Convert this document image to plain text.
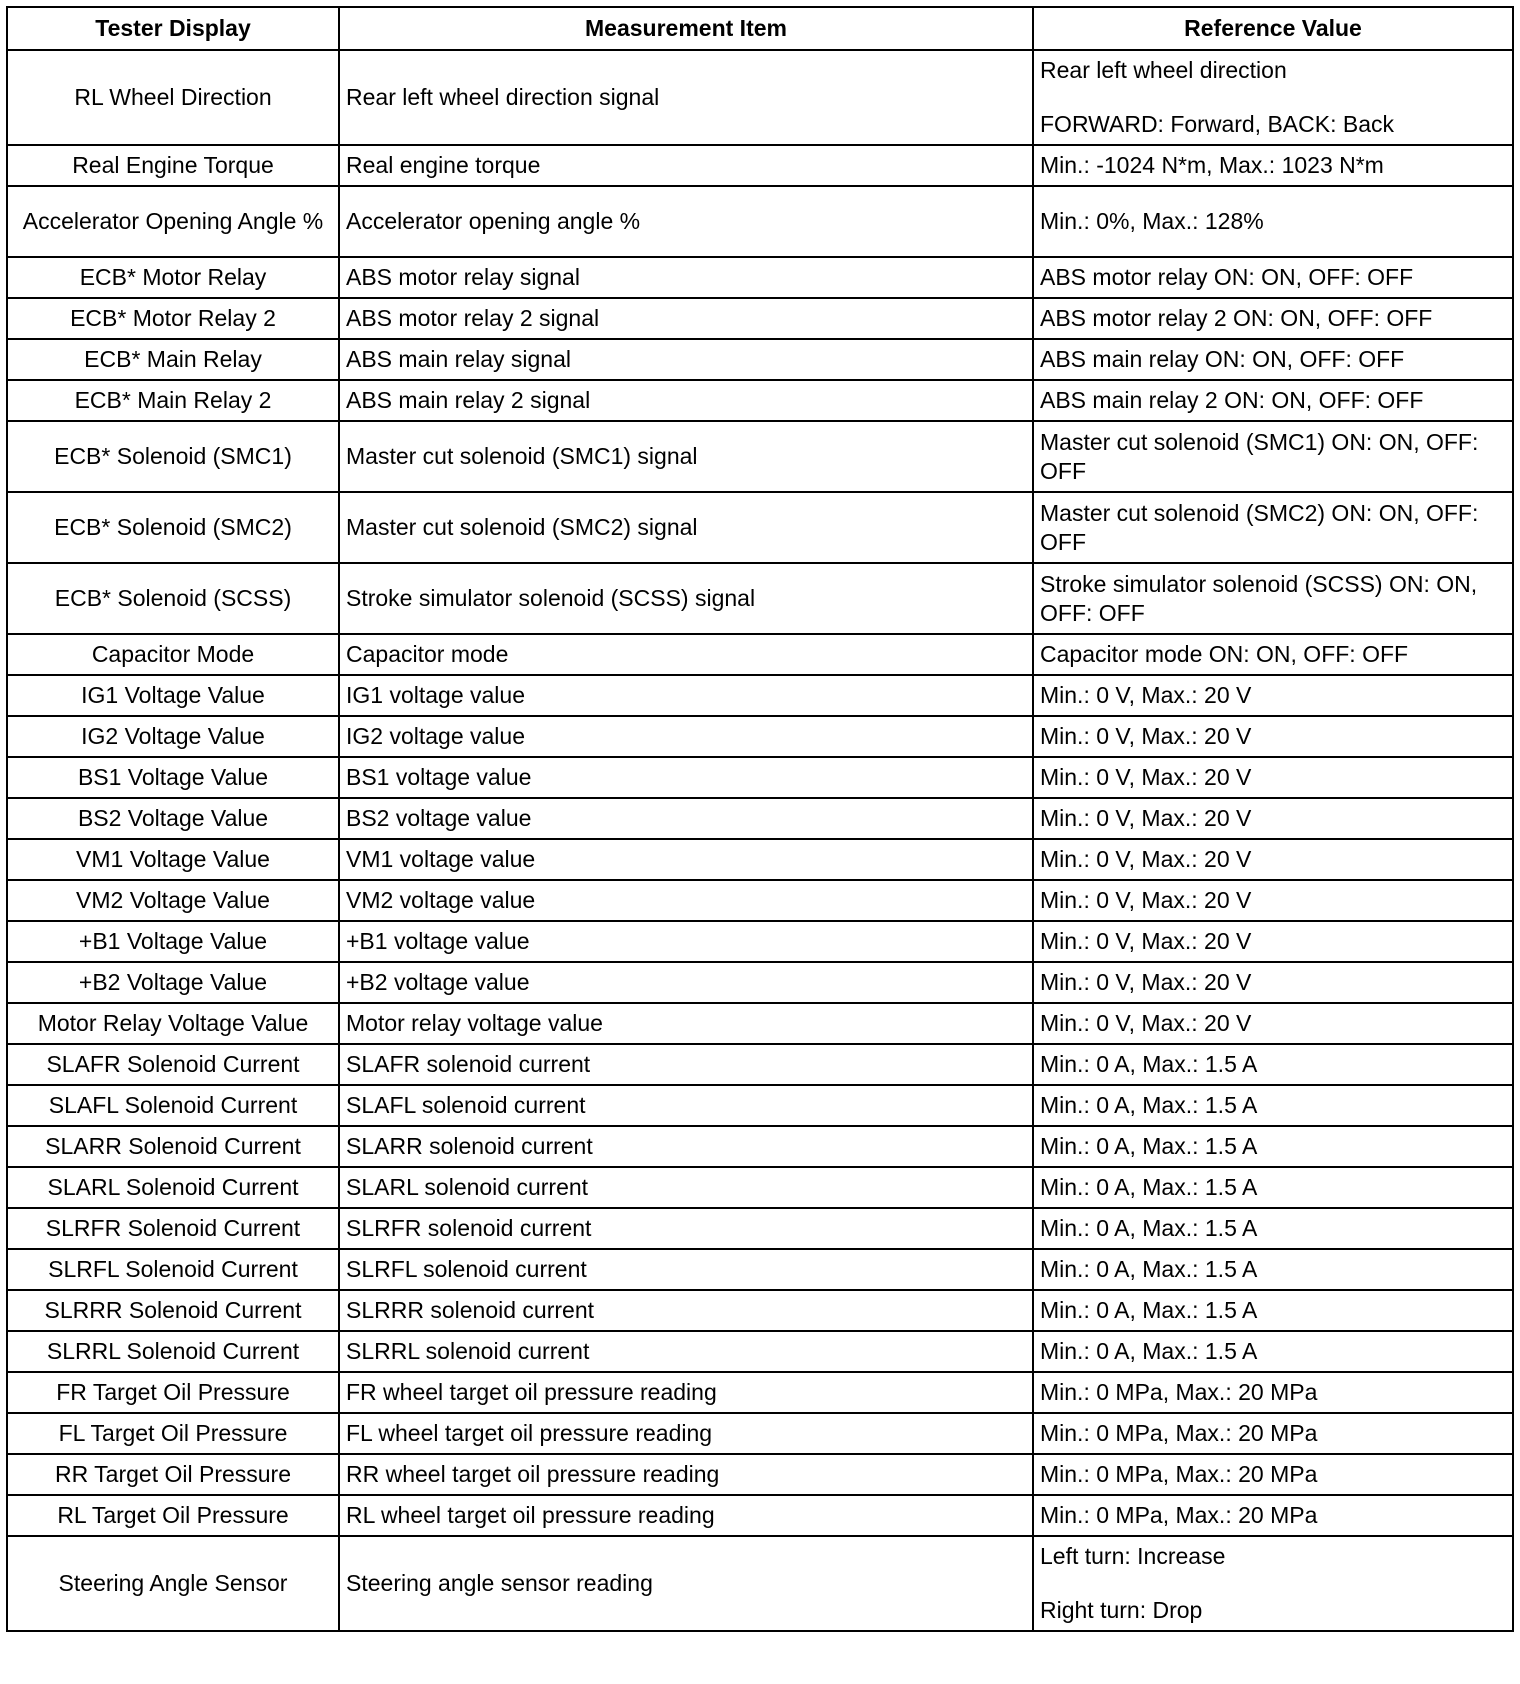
Tester Display	Measurement Item	Reference Value
RL Wheel Direction	Rear left wheel direction signal	Rear left wheel direction
FORWARD: Forward, BACK: Back

Real Engine Torque	Real engine torque	Min.: -1024 N*m, Max.: 1023 N*m

Accelerator Opening Angle %	Accelerator opening angle %	Min.: 0%, Max.: 128%

ECB* Motor Relay	ABS motor relay signal	ABS motor relay ON: ON, OFF: OFF

ECB* Motor Relay 2	ABS motor relay 2 signal	ABS motor relay 2 ON: ON, OFF: OFF

ECB* Main Relay	ABS main relay signal	ABS main relay ON: ON, OFF: OFF

ECB* Main Relay 2	ABS main relay 2 signal	ABS main relay 2 ON: ON, OFF: OFF

ECB* Solenoid (SMC1)	Master cut solenoid (SMC1) signal	Master cut solenoid (SMC1) ON: ON, OFF: OFF

ECB* Solenoid (SMC2)	Master cut solenoid (SMC2) signal	Master cut solenoid (SMC2) ON: ON, OFF: OFF

ECB* Solenoid (SCSS)	Stroke simulator solenoid (SCSS) signal	Stroke simulator solenoid (SCSS) ON: ON, OFF: OFF

Capacitor Mode	Capacitor mode	Capacitor mode ON: ON, OFF: OFF

IG1 Voltage Value	IG1 voltage value	Min.: 0 V, Max.: 20 V

IG2 Voltage Value	IG2 voltage value	Min.: 0 V, Max.: 20 V

BS1 Voltage Value	BS1 voltage value	Min.: 0 V, Max.: 20 V

BS2 Voltage Value	BS2 voltage value	Min.: 0 V, Max.: 20 V

VM1 Voltage Value	VM1 voltage value	Min.: 0 V, Max.: 20 V

VM2 Voltage Value	VM2 voltage value	Min.: 0 V, Max.: 20 V

+B1 Voltage Value	+B1 voltage value	Min.: 0 V, Max.: 20 V

+B2 Voltage Value	+B2 voltage value	Min.: 0 V, Max.: 20 V

Motor Relay Voltage Value	Motor relay voltage value	Min.: 0 V, Max.: 20 V

SLAFR Solenoid Current	SLAFR solenoid current	Min.: 0 A, Max.: 1.5 A

SLAFL Solenoid Current	SLAFL solenoid current	Min.: 0 A, Max.: 1.5 A

SLARR Solenoid Current	SLARR solenoid current	Min.: 0 A, Max.: 1.5 A

SLARL Solenoid Current	SLARL solenoid current	Min.: 0 A, Max.: 1.5 A

SLRFR Solenoid Current	SLRFR solenoid current	Min.: 0 A, Max.: 1.5 A

SLRFL Solenoid Current	SLRFL solenoid current	Min.: 0 A, Max.: 1.5 A

SLRRR Solenoid Current	SLRRR solenoid current	Min.: 0 A, Max.: 1.5 A

SLRRL Solenoid Current	SLRRL solenoid current	Min.: 0 A, Max.: 1.5 A

FR Target Oil Pressure	FR wheel target oil pressure reading	Min.: 0 MPa, Max.: 20 MPa

FL Target Oil Pressure	FL wheel target oil pressure reading	Min.: 0 MPa, Max.: 20 MPa

RR Target Oil Pressure	RR wheel target oil pressure reading	Min.: 0 MPa, Max.: 20 MPa

RL Target Oil Pressure	RL wheel target oil pressure reading	Min.: 0 MPa, Max.: 20 MPa

Steering Angle Sensor	Steering angle sensor reading	Left turn: Increase
Right turn: Drop
